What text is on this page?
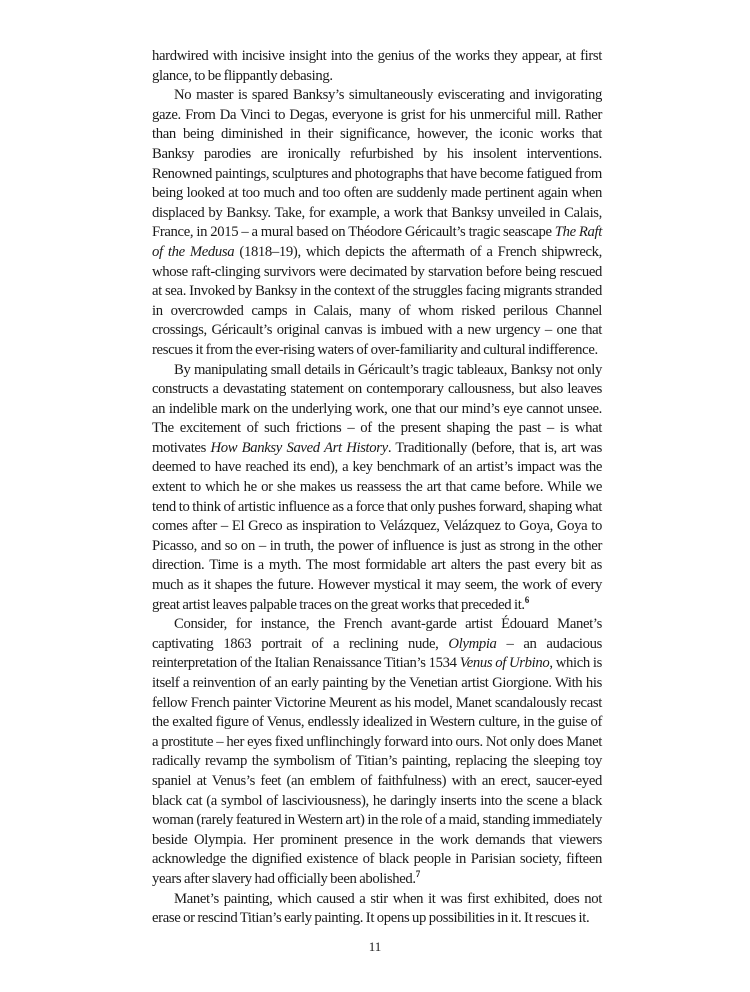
hardwired with incisive insight into the genius of the works they appear, at first glance, to be flippantly debasing.

No master is spared Banksy’s simultaneously eviscerating and invigorating gaze. From Da Vinci to Degas, everyone is grist for his unmerciful mill. Rather than being diminished in their significance, however, the iconic works that Banksy parodies are ironically refurbished by his insolent interventions. Renowned paintings, sculptures and photographs that have become fatigued from being looked at too much and too often are suddenly made pertinent again when displaced by Banksy. Take, for example, a work that Banksy unveiled in Calais, France, in 2015 – a mural based on Théodore Géricault’s tragic seascape The Raft of the Medusa (1818–19), which depicts the aftermath of a French shipwreck, whose raft-clinging survivors were decimated by starvation before being rescued at sea. Invoked by Banksy in the context of the struggles facing migrants stranded in overcrowded camps in Calais, many of whom risked perilous Channel crossings, Géricault’s original canvas is imbued with a new urgency – one that rescues it from the ever-rising waters of over-familiarity and cultural indifference.

By manipulating small details in Géricault’s tragic tableaux, Banksy not only constructs a devastating statement on contemporary callousness, but also leaves an indelible mark on the underlying work, one that our mind’s eye cannot unsee. The excitement of such frictions – of the present shaping the past – is what motivates How Banksy Saved Art History. Traditionally (before, that is, art was deemed to have reached its end), a key benchmark of an artist’s impact was the extent to which he or she makes us reassess the art that came before. While we tend to think of artistic influence as a force that only pushes forward, shaping what comes after – El Greco as inspiration to Velázquez, Velázquez to Goya, Goya to Picasso, and so on – in truth, the power of influence is just as strong in the other direction. Time is a myth. The most formidable art alters the past every bit as much as it shapes the future. However mystical it may seem, the work of every great artist leaves palpable traces on the great works that preceded it.$^6$

Consider, for instance, the French avant-garde artist Édouard Manet’s captivating 1863 portrait of a reclining nude, Olympia – an audacious reinterpretation of the Italian Renaissance Titian’s 1534 Venus of Urbino, which is itself a reinvention of an early painting by the Venetian artist Giorgione. With his fellow French painter Victorine Meurent as his model, Manet scandalously recast the exalted figure of Venus, endlessly idealized in Western culture, in the guise of a prostitute – her eyes fixed unflinchingly forward into ours. Not only does Manet radically revamp the symbolism of Titian’s painting, replacing the sleeping toy spaniel at Venus’s feet (an emblem of faithfulness) with an erect, saucer-eyed black cat (a symbol of lasciviousness), he daringly inserts into the scene a black woman (rarely featured in Western art) in the role of a maid, standing immediately beside Olympia. Her prominent presence in the work demands that viewers acknowledge the dignified existence of black people in Parisian society, fifteen years after slavery had officially been abolished.$^7$

Manet’s painting, which caused a stir when it was first exhibited, does not erase or rescind Titian’s early painting. It opens up possibilities in it. It rescues it.

11
